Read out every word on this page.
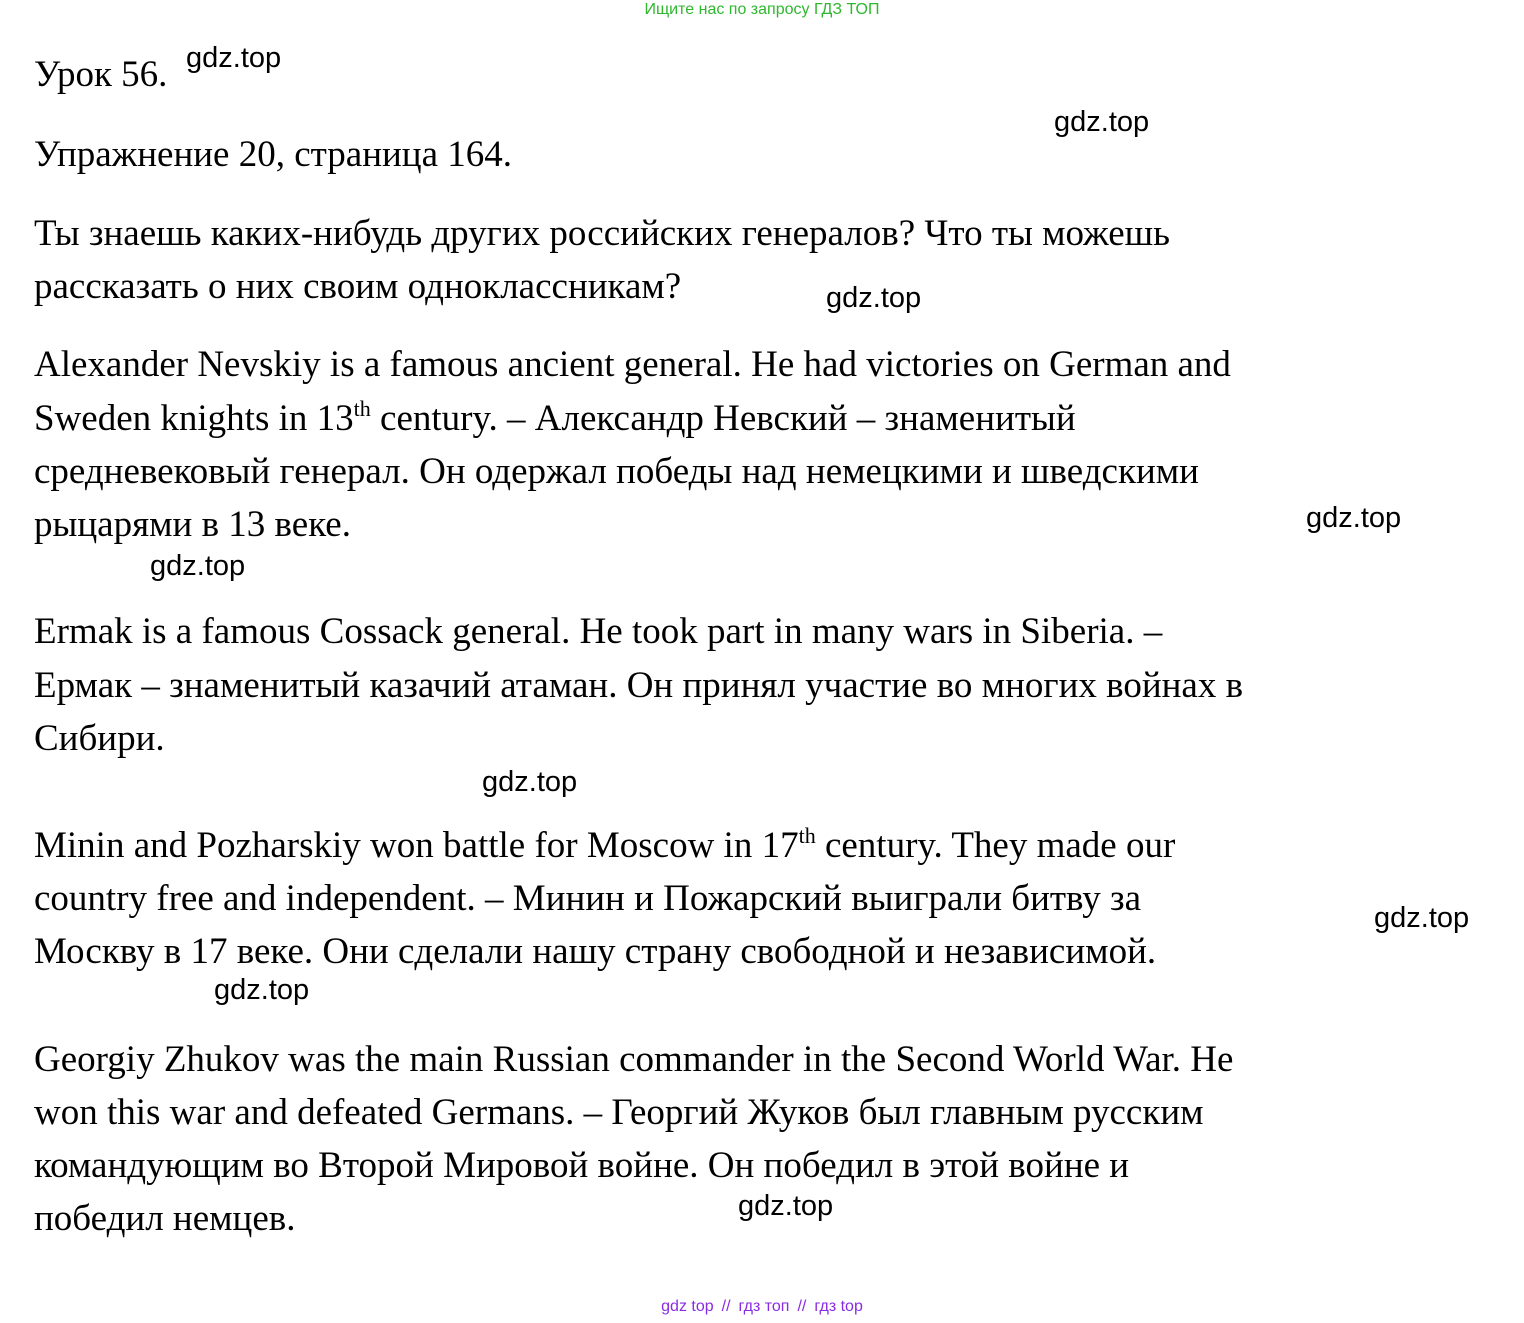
Ищите нас по запросу ГДЗ ТОП
Урок 56.
Упражнение 20, страница 164.
Ты знаешь каких-нибудь других российских генералов? Что ты можешь
рассказать о них своим одноклассникам?
Alexander Nevskiy is a famous ancient general. He had victories on German and
Sweden knights in 13th century. – Александр Невский – знаменитый
средневековый генерал. Он одержал победы над немецкими и шведскими
рыцарями в 13 веке.
Ermak is a famous Cossack general. He took part in many wars in Siberia. –
Ермак – знаменитый казачий атаман. Он принял участие во многих войнах в
Сибири.
Minin and Pozharskiy won battle for Moscow in 17th century. They made our
country free and independent. – Минин и Пожарский выиграли битву за
Москву в 17 веке. Они сделали нашу страну свободной и независимой.
Georgiy Zhukov was the main Russian commander in the Second World War. He
won this war and defeated Germans. – Георгий Жуков был главным русским
командующим во Второй Мировой войне. Он победил в этой войне и
победил немцев.
gdz.top
gdz.top
gdz.top
gdz.top
gdz.top
gdz.top
gdz.top
gdz.top
gdz.top
gdz top // гдз топ // гдз top
